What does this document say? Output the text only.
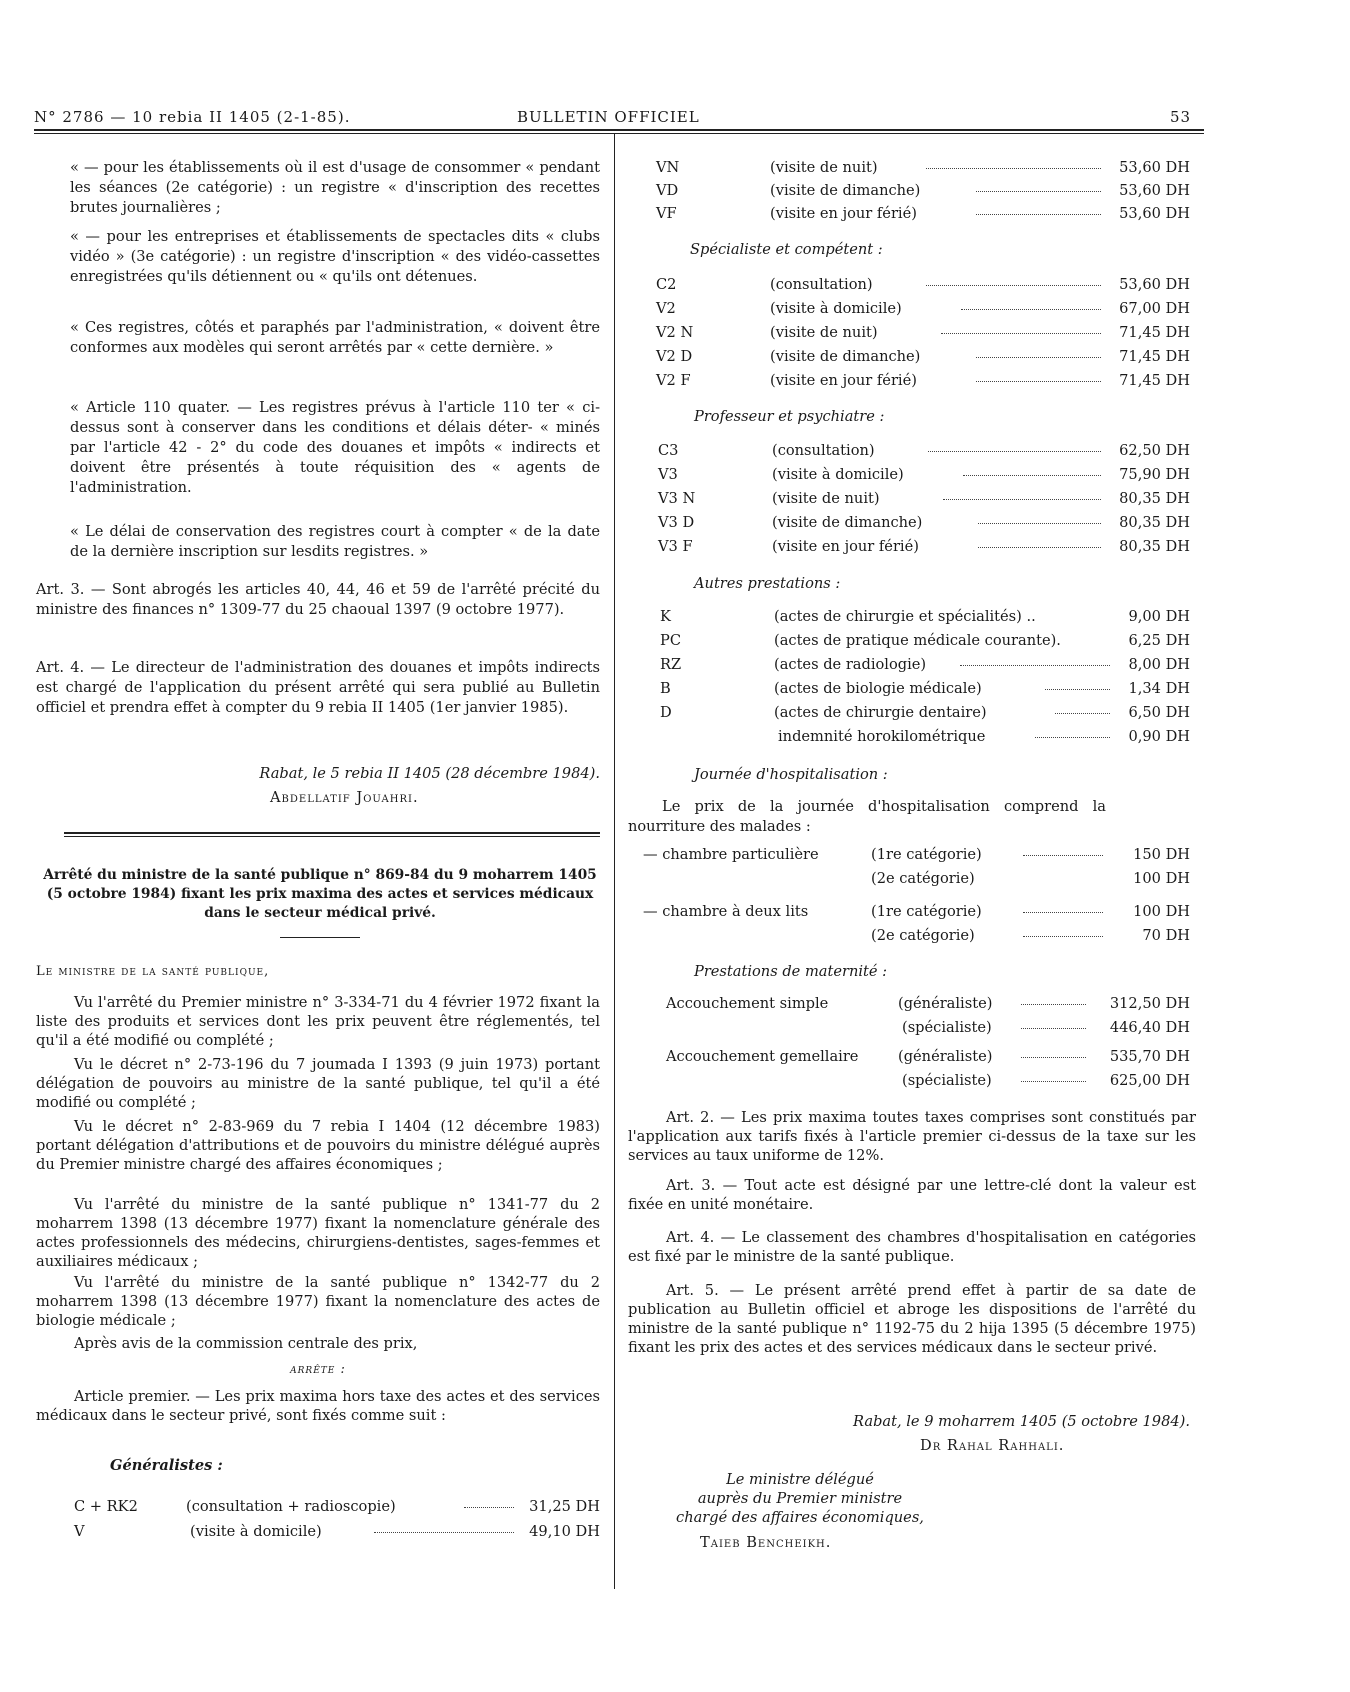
N° 2786 — 10 rebia II 1405 (2-1-85).	BULLETIN OFFICIEL	53
« — pour les établissements où il est d'usage de consommer « pendant les séances (2e catégorie) : un registre « d'inscription des recettes brutes journalières ;
« — pour les entreprises et établissements de spectacles dits « clubs vidéo » (3e catégorie) : un registre d'inscription « des vidéo-cassettes enregistrées qu'ils détiennent ou « qu'ils ont détenues.
« Ces registres, côtés et paraphés par l'administration, « doivent être conformes aux modèles qui seront arrêtés par « cette dernière. »
« Article 110 quater. — Les registres prévus à l'article 110 ter « ci-dessus sont à conserver dans les conditions et délais déter- « minés par l'article 42 - 2° du code des douanes et impôts « indirects et doivent être présentés à toute réquisition des « agents de l'administration.
« Le délai de conservation des registres court à compter « de la date de la dernière inscription sur lesdits registres. »
Art. 3. — Sont abrogés les articles 40, 44, 46 et 59 de l'arrêté précité du ministre des finances n° 1309-77 du 25 chaoual 1397 (9 octobre 1977).
Art. 4. — Le directeur de l'administration des douanes et impôts indirects est chargé de l'application du présent arrêté qui sera publié au Bulletin officiel et prendra effet à compter du 9 rebia II 1405 (1er janvier 1985).
Rabat, le 5 rebia II 1405 (28 décembre 1984).
Abdellatif Jouahri.
Arrêté du ministre de la santé publique n° 869-84 du 9 moharrem 1405 (5 octobre 1984) fixant les prix maxima des actes et services médicaux dans le secteur médical privé.
Le ministre de la santé publique,
Vu l'arrêté du Premier ministre n° 3-334-71 du 4 février 1972 fixant la liste des produits et services dont les prix peuvent être réglementés, tel qu'il a été modifié ou complété ;
Vu le décret n° 2-73-196 du 7 joumada I 1393 (9 juin 1973) portant délégation de pouvoirs au ministre de la santé publique, tel qu'il a été modifié ou complété ;
Vu le décret n° 2-83-969 du 7 rebia I 1404 (12 décembre 1983) portant délégation d'attributions et de pouvoirs du ministre délégué auprès du Premier ministre chargé des affaires économiques ;
Vu l'arrêté du ministre de la santé publique n° 1341-77 du 2 moharrem 1398 (13 décembre 1977) fixant la nomenclature générale des actes professionnels des médecins, chirurgiens-dentistes, sages-femmes et auxiliaires médicaux ;
Vu l'arrêté du ministre de la santé publique n° 1342-77 du 2 moharrem 1398 (13 décembre 1977) fixant la nomenclature des actes de biologie médicale ;
Après avis de la commission centrale des prix,
arrête :
Article premier. — Les prix maxima hors taxe des actes et des services médicaux dans le secteur privé, sont fixés comme suit :
Généralistes :
C + RK2	(consultation + radioscopie)	31,25 DH
V	(visite à domicile)	49,10 DH
VN	(visite de nuit)	53,60 DH
VD	(visite de dimanche)	53,60 DH
VF	(visite en jour férié)	53,60 DH
Spécialiste et compétent :
C2	(consultation)	53,60 DH
V2	(visite à domicile)	67,00 DH
V2 N	(visite de nuit)	71,45 DH
V2 D	(visite de dimanche)	71,45 DH
V2 F	(visite en jour férié)	71,45 DH
Professeur et psychiatre :
C3	(consultation)	62,50 DH
V3	(visite à domicile)	75,90 DH
V3 N	(visite de nuit)	80,35 DH
V3 D	(visite de dimanche)	80,35 DH
V3 F	(visite en jour férié)	80,35 DH
Autres prestations :
K	(actes de chirurgie et spécialités) ..	9,00 DH
PC	(actes de pratique médicale courante).	6,25 DH
RZ	(actes de radiologie)	8,00 DH
B	(actes de biologie médicale)	1,34 DH
D	(actes de chirurgie dentaire)	6,50 DH
indemnité horokilométrique	0,90 DH
Journée d'hospitalisation :
Le prix de la journée d'hospitalisation comprend la nourriture des malades :
— chambre particulière	(1re catégorie)	150 DH
(2e catégorie)	100 DH
— chambre à deux lits	(1re catégorie)	100 DH
(2e catégorie)	70 DH
Prestations de maternité :
Accouchement simple	(généraliste)	312,50 DH
(spécialiste)	446,40 DH
Accouchement gemellaire	(généraliste)	535,70 DH
(spécialiste)	625,00 DH
Art. 2. — Les prix maxima toutes taxes comprises sont constitués par l'application aux tarifs fixés à l'article premier ci-dessus de la taxe sur les services au taux uniforme de 12%.
Art. 3. — Tout acte est désigné par une lettre-clé dont la valeur est fixée en unité monétaire.
Art. 4. — Le classement des chambres d'hospitalisation en catégories est fixé par le ministre de la santé publique.
Art. 5. — Le présent arrêté prend effet à partir de sa date de publication au Bulletin officiel et abroge les dispositions de l'arrêté du ministre de la santé publique n° 1192-75 du 2 hija 1395 (5 décembre 1975) fixant les prix des actes et des services médicaux dans le secteur privé.
Rabat, le 9 moharrem 1405 (5 octobre 1984).
Dr Rahal Rahhali.
Le ministre délégué
auprès du Premier ministre
chargé des affaires économiques,
Taieb Bencheikh.
